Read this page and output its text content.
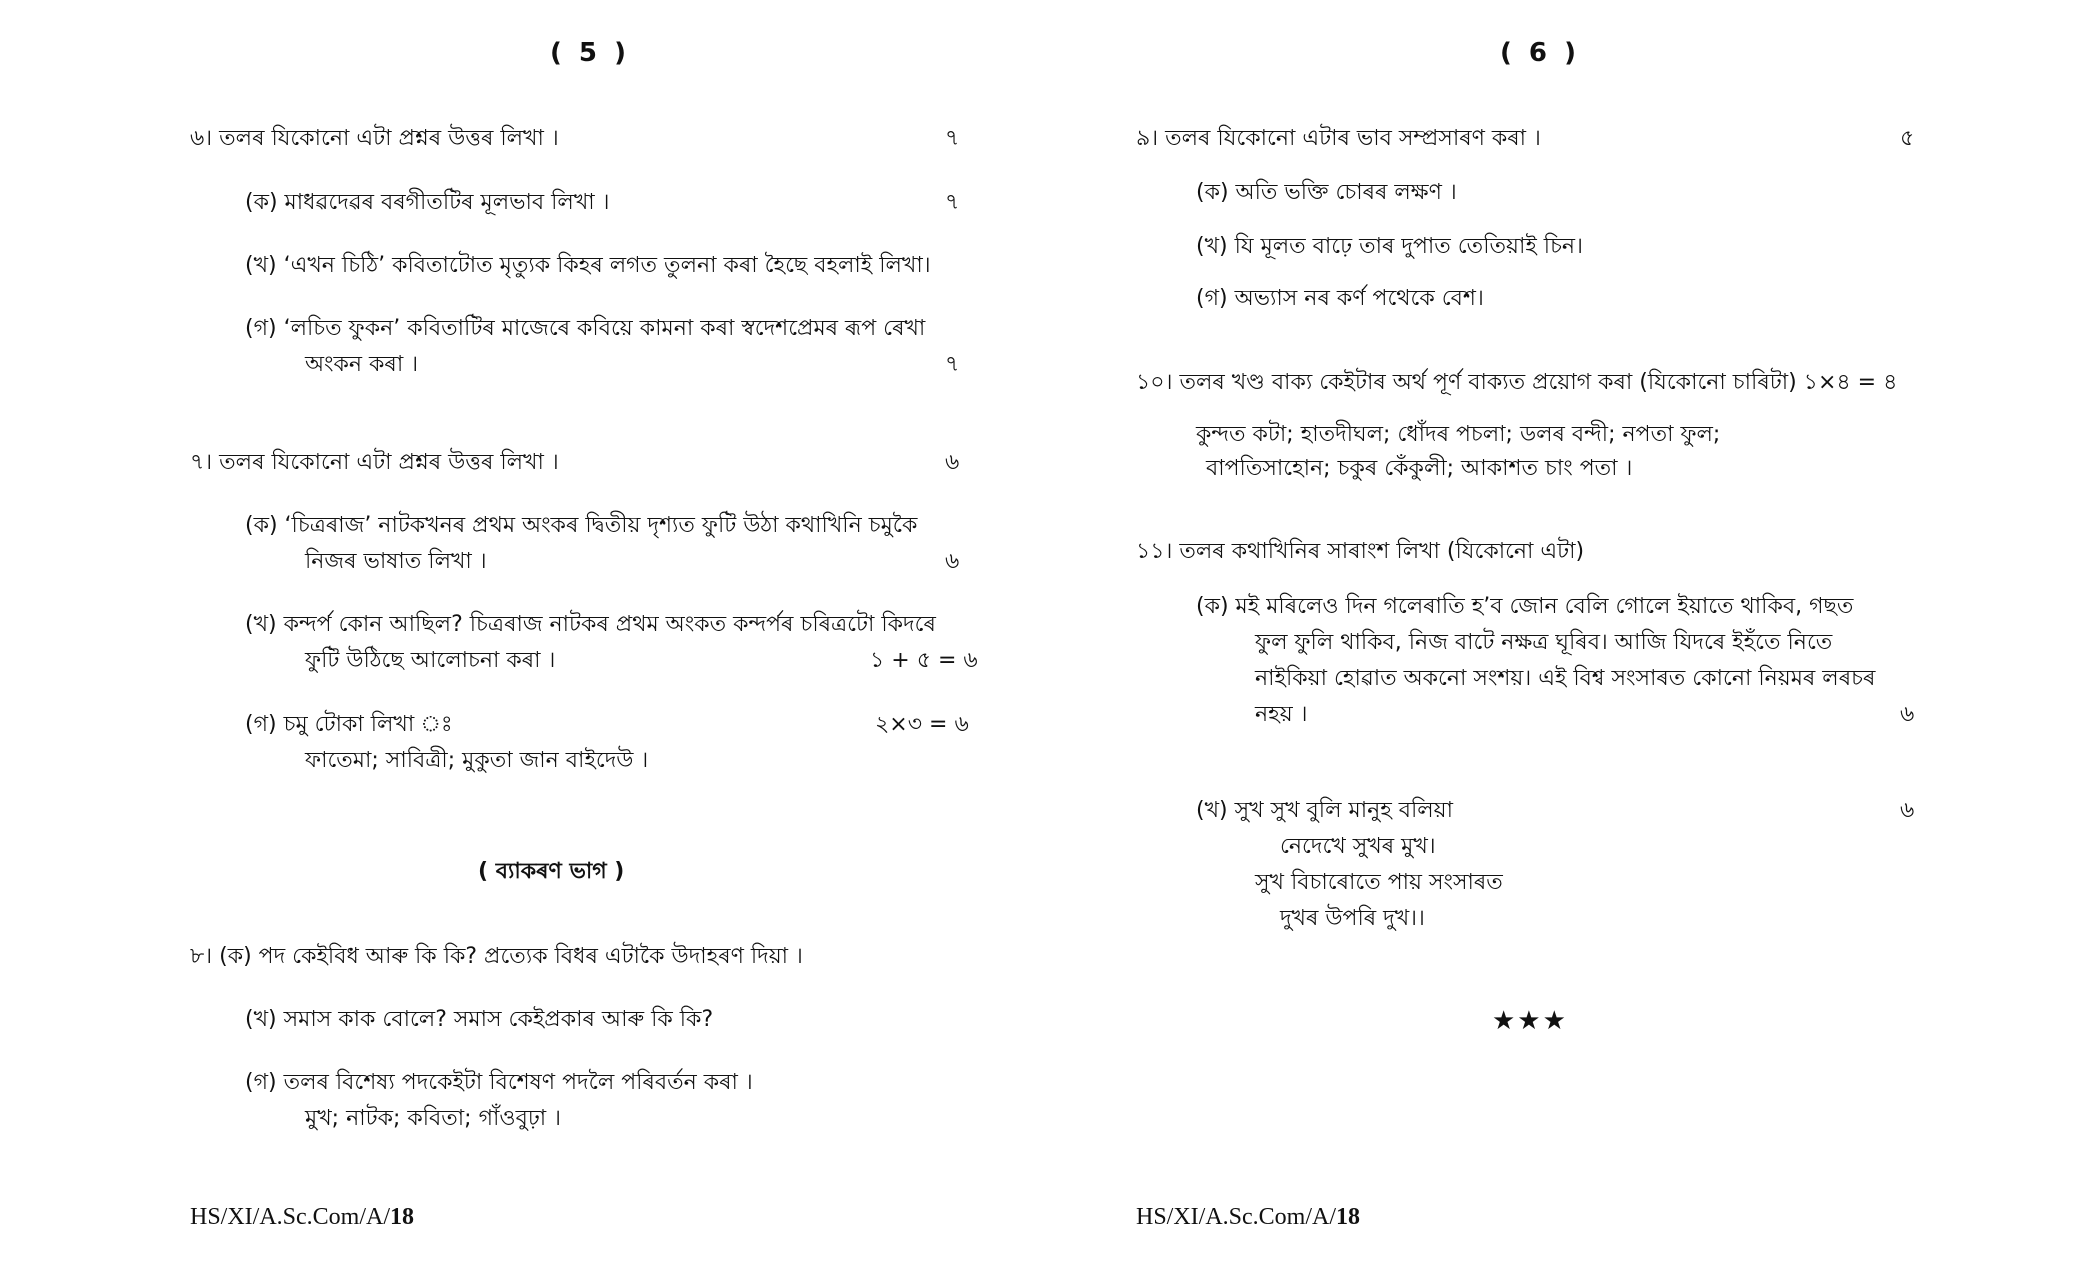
( 5 )
৬। তলৰ যিকোনো এটা প্ৰশ্নৰ উত্তৰ লিখা ।	৭
(ক) মাধৱদেৱৰ বৰগীতটিৰ মূলভাব লিখা ।	৭
(খ) ‘এখন চিঠি’ কবিতাটোত মৃত্যুক কিহৰ লগত তুলনা কৰা হৈছে বহলাই লিখা।
(গ) ‘লচিত ফুকন’ কবিতাটিৰ মাজেৰে কবিয়ে কামনা কৰা স্বদেশপ্ৰেমৰ ৰূপ ৰেখা
অংকন কৰা ।	৭
৭। তলৰ যিকোনো এটা প্ৰশ্নৰ উত্তৰ লিখা ।	৬
(ক) ‘চিত্ৰৰাজ’ নাটকখনৰ প্ৰথম অংকৰ দ্বিতীয় দৃশ্যত ফুটি উঠা কথাখিনি চমুকৈ
নিজৰ ভাষাত লিখা ।	৬
(খ) কন্দৰ্প কোন আছিল? চিত্ৰৰাজ নাটকৰ প্ৰথম অংকত কন্দৰ্পৰ চৰিত্ৰটো কিদৰে
ফুটি উঠিছে আলোচনা কৰা ।	১ + ৫ = ৬
(গ) চমু টোকা লিখা ঃ	২×৩ = ৬
ফাতেমা; সাবিত্ৰী; মুকুতা জান বাইদেউ ।
( ব্যাকৰণ ভাগ )
৮। (ক) পদ কেইবিধ আৰু কি কি? প্ৰত্যেক বিধৰ এটাকৈ উদাহৰণ দিয়া ।
(খ) সমাস কাক বোলে? সমাস কেইপ্ৰকাৰ আৰু কি কি?
(গ) তলৰ বিশেষ্য পদকেইটা বিশেষণ পদলৈ পৰিবৰ্তন কৰা ।
মুখ; নাটক; কবিতা; গাঁওবুঢ়া ।
HS/XI/A.Sc.Com/A/18
( 6 )
৯। তলৰ যিকোনো এটাৰ ভাব সম্প্ৰসাৰণ কৰা ।	৫
(ক) অতি ভক্তি চোৰৰ লক্ষণ ।
(খ) যি মূলত বাঢ়ে তাৰ দুপাত তেতিয়াই চিন।
(গ) অভ্যাস নৰ কৰ্ণ পথেকে বেশ।
১০। তলৰ খণ্ড বাক্য কেইটাৰ অৰ্থ পূৰ্ণ বাক্যত প্ৰয়োগ কৰা (যিকোনো চাৰিটা) ১×৪ = ৪
কুন্দত কটা; হাতদীঘল; ধোঁদৰ পচলা; ডলৰ বন্দী; নপতা ফুল;
বাপতিসাহোন; চকুৰ কেঁকুলী; আকাশত চাং পতা ।
১১। তলৰ কথাখিনিৰ সাৰাংশ লিখা (যিকোনো এটা)
(ক) মই মৰিলেও দিন গলেৰাতি হ’ব জোন বেলি গোলে ইয়াতে থাকিব, গছত
ফুল ফুলি থাকিব, নিজ বাটে নক্ষত্ৰ ঘূৰিব। আজি যিদৰে ইহঁতে নিতে
নাইকিয়া হোৱাত অকনো সংশয়। এই বিশ্ব সংসাৰত কোনো নিয়মৰ লৰচৰ
নহয় ।	৬
(খ) সুখ সুখ বুলি মানুহ বলিয়া	৬
নেদেখে সুখৰ মুখ।
সুখ বিচাৰোতে পায় সংসাৰত
দুখৰ উপৰি দুখ।।
★★★
HS/XI/A.Sc.Com/A/18
